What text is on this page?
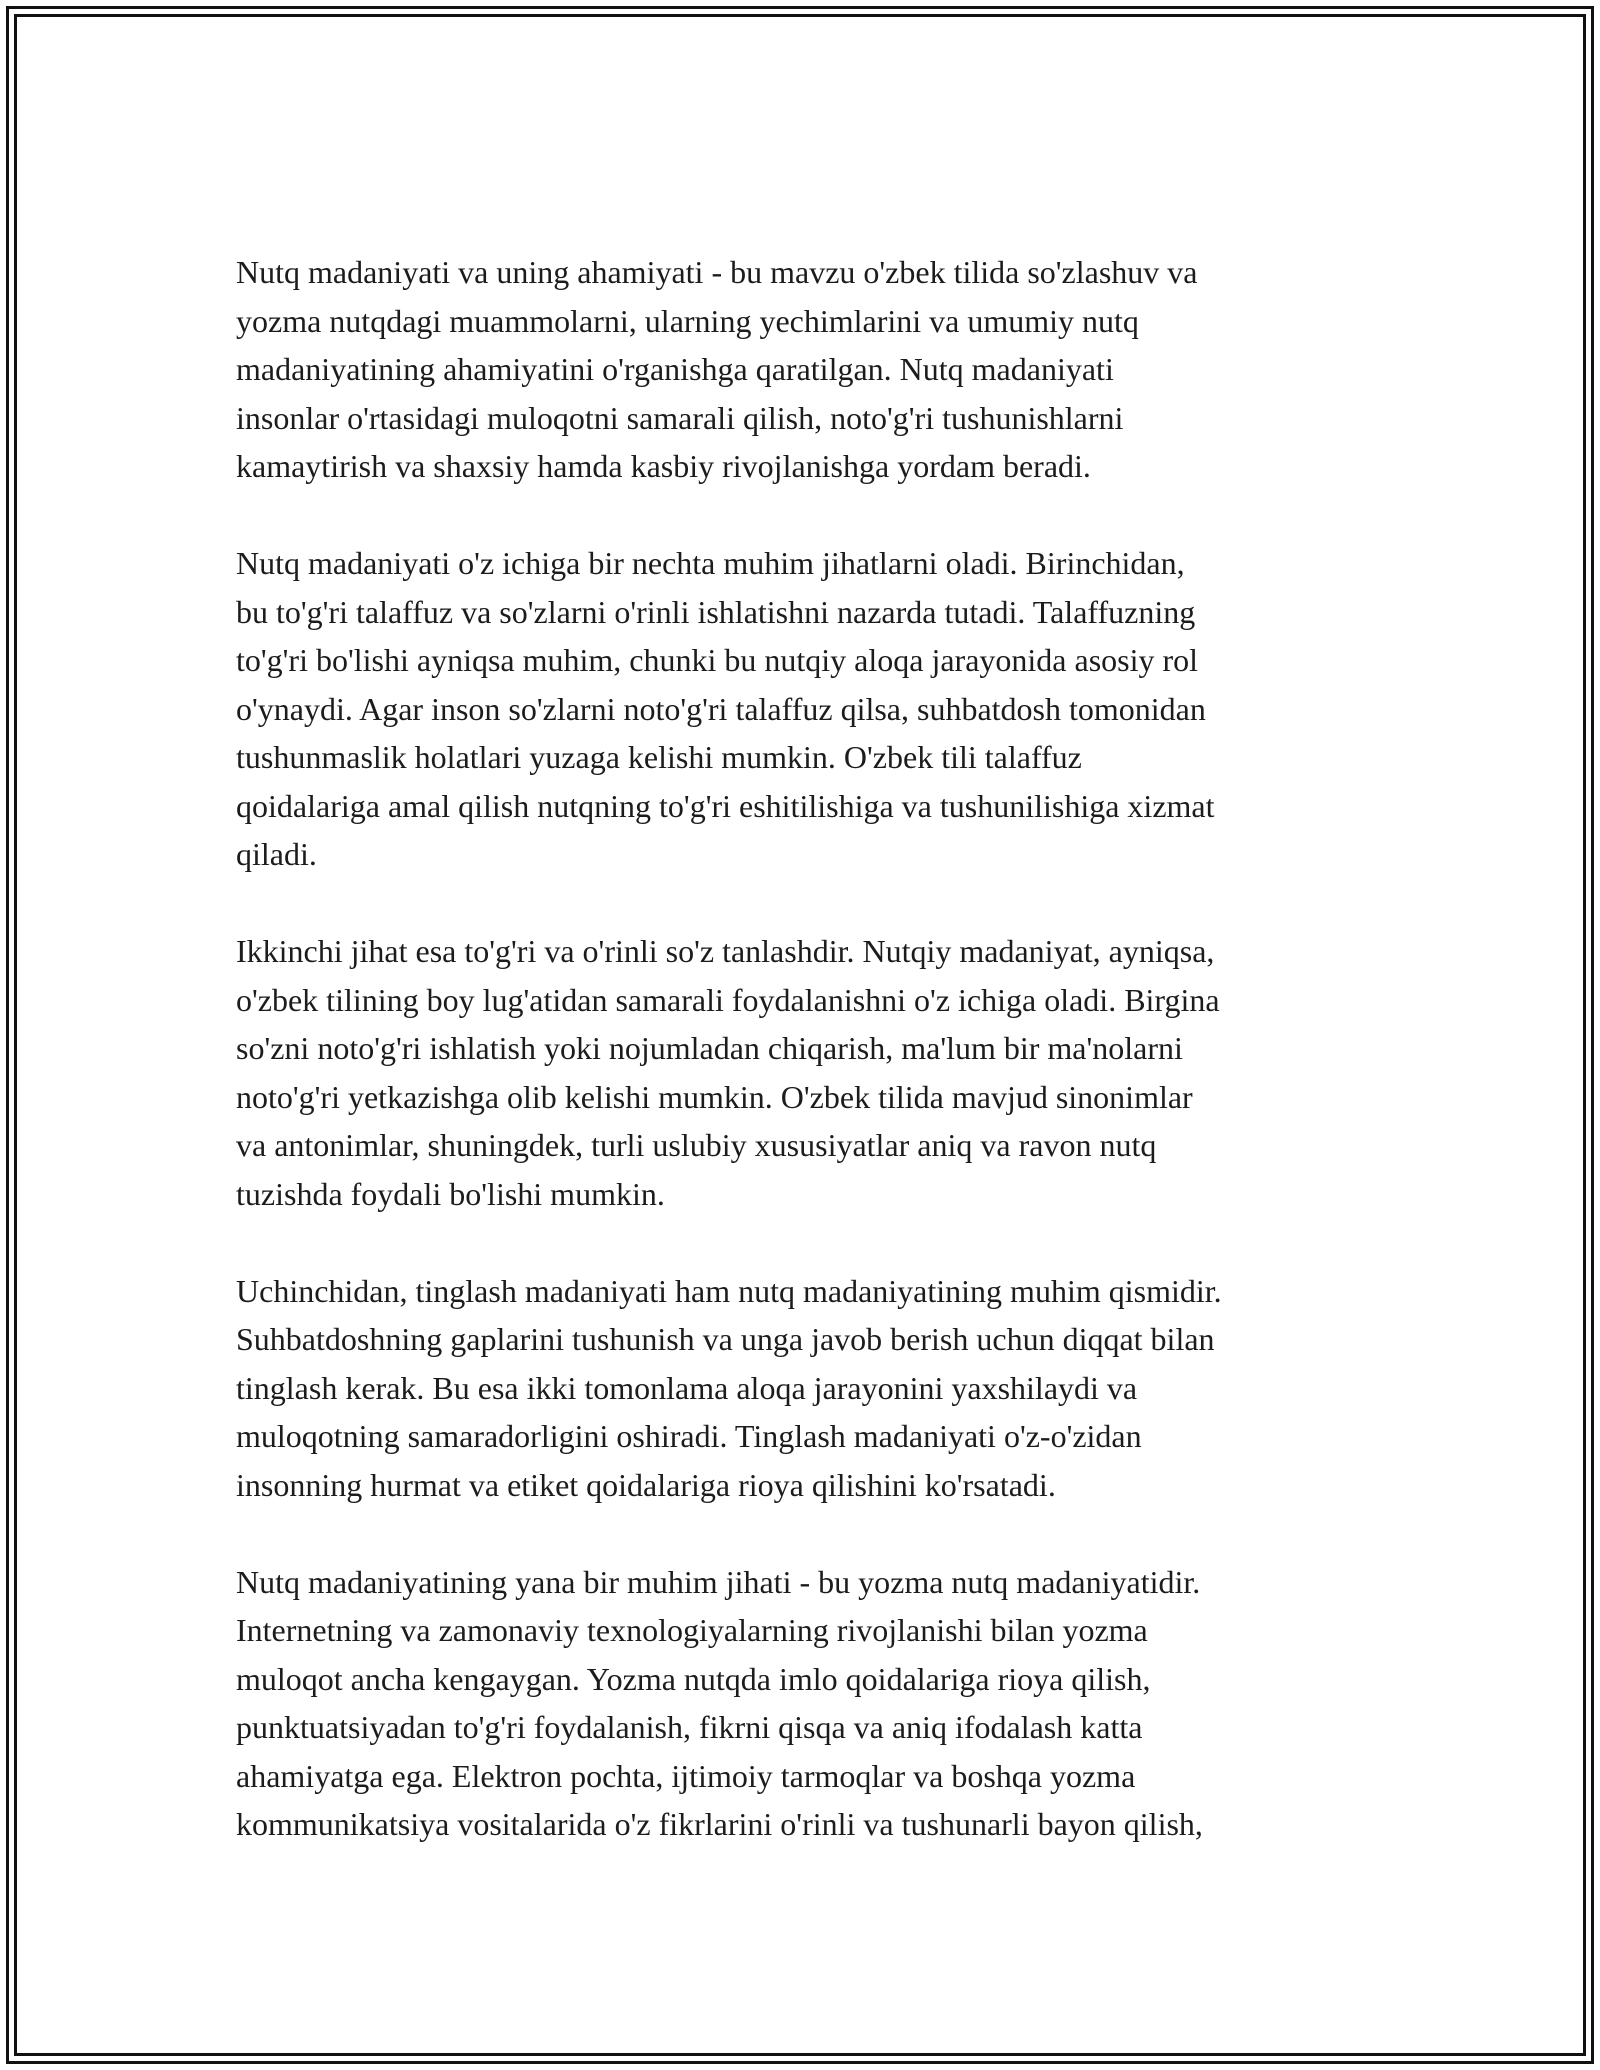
Nutq madaniyati va uning ahamiyati - bu mavzu o'zbek tilida so'zlashuv va
yozma nutqdagi muammolarni, ularning yechimlarini va umumiy nutq
madaniyatining ahamiyatini o'rganishga qaratilgan. Nutq madaniyati
insonlar o'rtasidagi muloqotni samarali qilish, noto'g'ri tushunishlarni
kamaytirish va shaxsiy hamda kasbiy rivojlanishga yordam beradi.
Nutq madaniyati o'z ichiga bir nechta muhim jihatlarni oladi. Birinchidan,
bu to'g'ri talaffuz va so'zlarni o'rinli ishlatishni nazarda tutadi. Talaffuzning
to'g'ri bo'lishi ayniqsa muhim, chunki bu nutqiy aloqa jarayonida asosiy rol
o'ynaydi. Agar inson so'zlarni noto'g'ri talaffuz qilsa, suhbatdosh tomonidan
tushunmaslik holatlari yuzaga kelishi mumkin. O'zbek tili talaffuz
qoidalariga amal qilish nutqning to'g'ri eshitilishiga va tushunilishiga xizmat
qiladi.
Ikkinchi jihat esa to'g'ri va o'rinli so'z tanlashdir. Nutqiy madaniyat, ayniqsa,
o'zbek tilining boy lug'atidan samarali foydalanishni o'z ichiga oladi. Birgina
so'zni noto'g'ri ishlatish yoki nojumladan chiqarish, ma'lum bir ma'nolarni
noto'g'ri yetkazishga olib kelishi mumkin. O'zbek tilida mavjud sinonimlar
va antonimlar, shuningdek, turli uslubiy xususiyatlar aniq va ravon nutq
tuzishda foydali bo'lishi mumkin.
Uchinchidan, tinglash madaniyati ham nutq madaniyatining muhim qismidir.
Suhbatdoshning gaplarini tushunish va unga javob berish uchun diqqat bilan
tinglash kerak. Bu esa ikki tomonlama aloqa jarayonini yaxshilaydi va
muloqotning samaradorligini oshiradi. Tinglash madaniyati o'z-o'zidan
insonning hurmat va etiket qoidalariga rioya qilishini ko'rsatadi.
Nutq madaniyatining yana bir muhim jihati - bu yozma nutq madaniyatidir.
Internetning va zamonaviy texnologiyalarning rivojlanishi bilan yozma
muloqot ancha kengaygan. Yozma nutqda imlo qoidalariga rioya qilish,
punktuatsiyadan to'g'ri foydalanish, fikrni qisqa va aniq ifodalash katta
ahamiyatga ega. Elektron pochta, ijtimoiy tarmoqlar va boshqa yozma
kommunikatsiya vositalarida o'z fikrlarini o'rinli va tushunarli bayon qilish,
